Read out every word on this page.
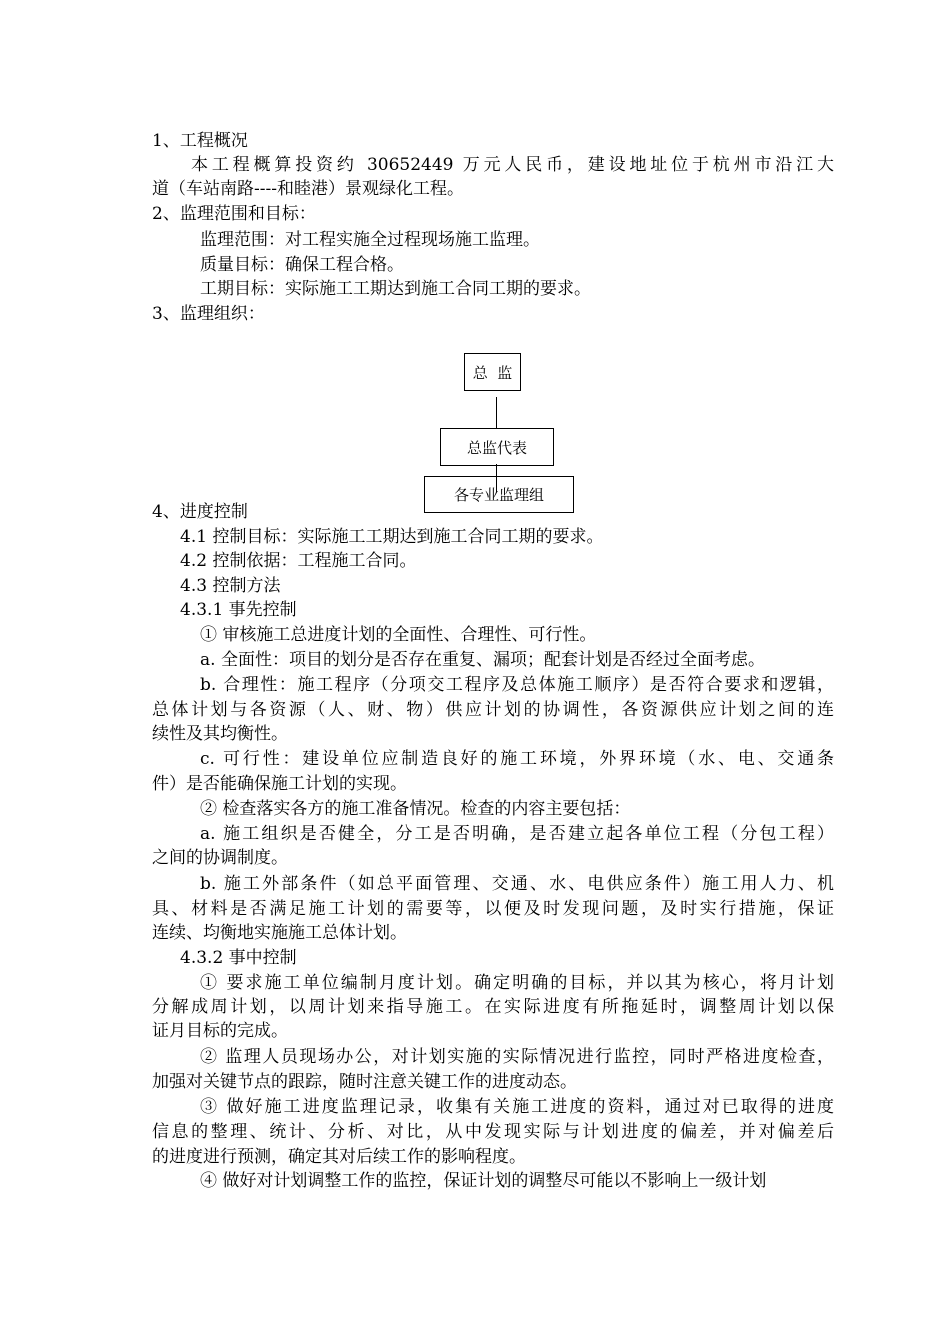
1、工程概况
本工程概算投资约 30652449 万元人民币，建设地址位于杭州市沿江大
道（车站南路----和睦港）景观绿化工程。
2、监理范围和目标：
监理范围：对工程实施全过程现场施工监理。
质量目标：确保工程合格。
工期目标：实际施工工期达到施工合同工期的要求。
3、监理组织：
总  监
总监代表
各专业监理组
4、进度控制
4.1 控制目标：实际施工工期达到施工合同工期的要求。
4.2 控制依据：工程施工合同。
4.3 控制方法
4.3.1 事先控制
① 审核施工总进度计划的全面性、合理性、可行性。
a. 全面性：项目的划分是否存在重复、漏项；配套计划是否经过全面考虑。
b. 合理性：施工程序（分项交工程序及总体施工顺序）是否符合要求和逻辑，
总体计划与各资源（人、财、物）供应计划的协调性，各资源供应计划之间的连
续性及其均衡性。
c. 可行性：建设单位应制造良好的施工环境，外界环境（水、电、交通条
件）是否能确保施工计划的实现。
② 检查落实各方的施工准备情况。检查的内容主要包括：
a. 施工组织是否健全，分工是否明确，是否建立起各单位工程（分包工程）
之间的协调制度。
b. 施工外部条件（如总平面管理、交通、水、电供应条件）施工用人力、机
具、材料是否满足施工计划的需要等，以便及时发现问题，及时实行措施，保证
连续、均衡地实施施工总体计划。
4.3.2 事中控制
① 要求施工单位编制月度计划。确定明确的目标，并以其为核心，将月计划
分解成周计划，以周计划来指导施工。在实际进度有所拖延时，调整周计划以保
证月目标的完成。
② 监理人员现场办公，对计划实施的实际情况进行监控，同时严格进度检查，
加强对关键节点的跟踪，随时注意关键工作的进度动态。
③ 做好施工进度监理记录，收集有关施工进度的资料，通过对已取得的进度
信息的整理、统计、分析、对比，从中发现实际与计划进度的偏差，并对偏差后
的进度进行预测，确定其对后续工作的影响程度。
④ 做好对计划调整工作的监控，保证计划的调整尽可能以不影响上一级计划
